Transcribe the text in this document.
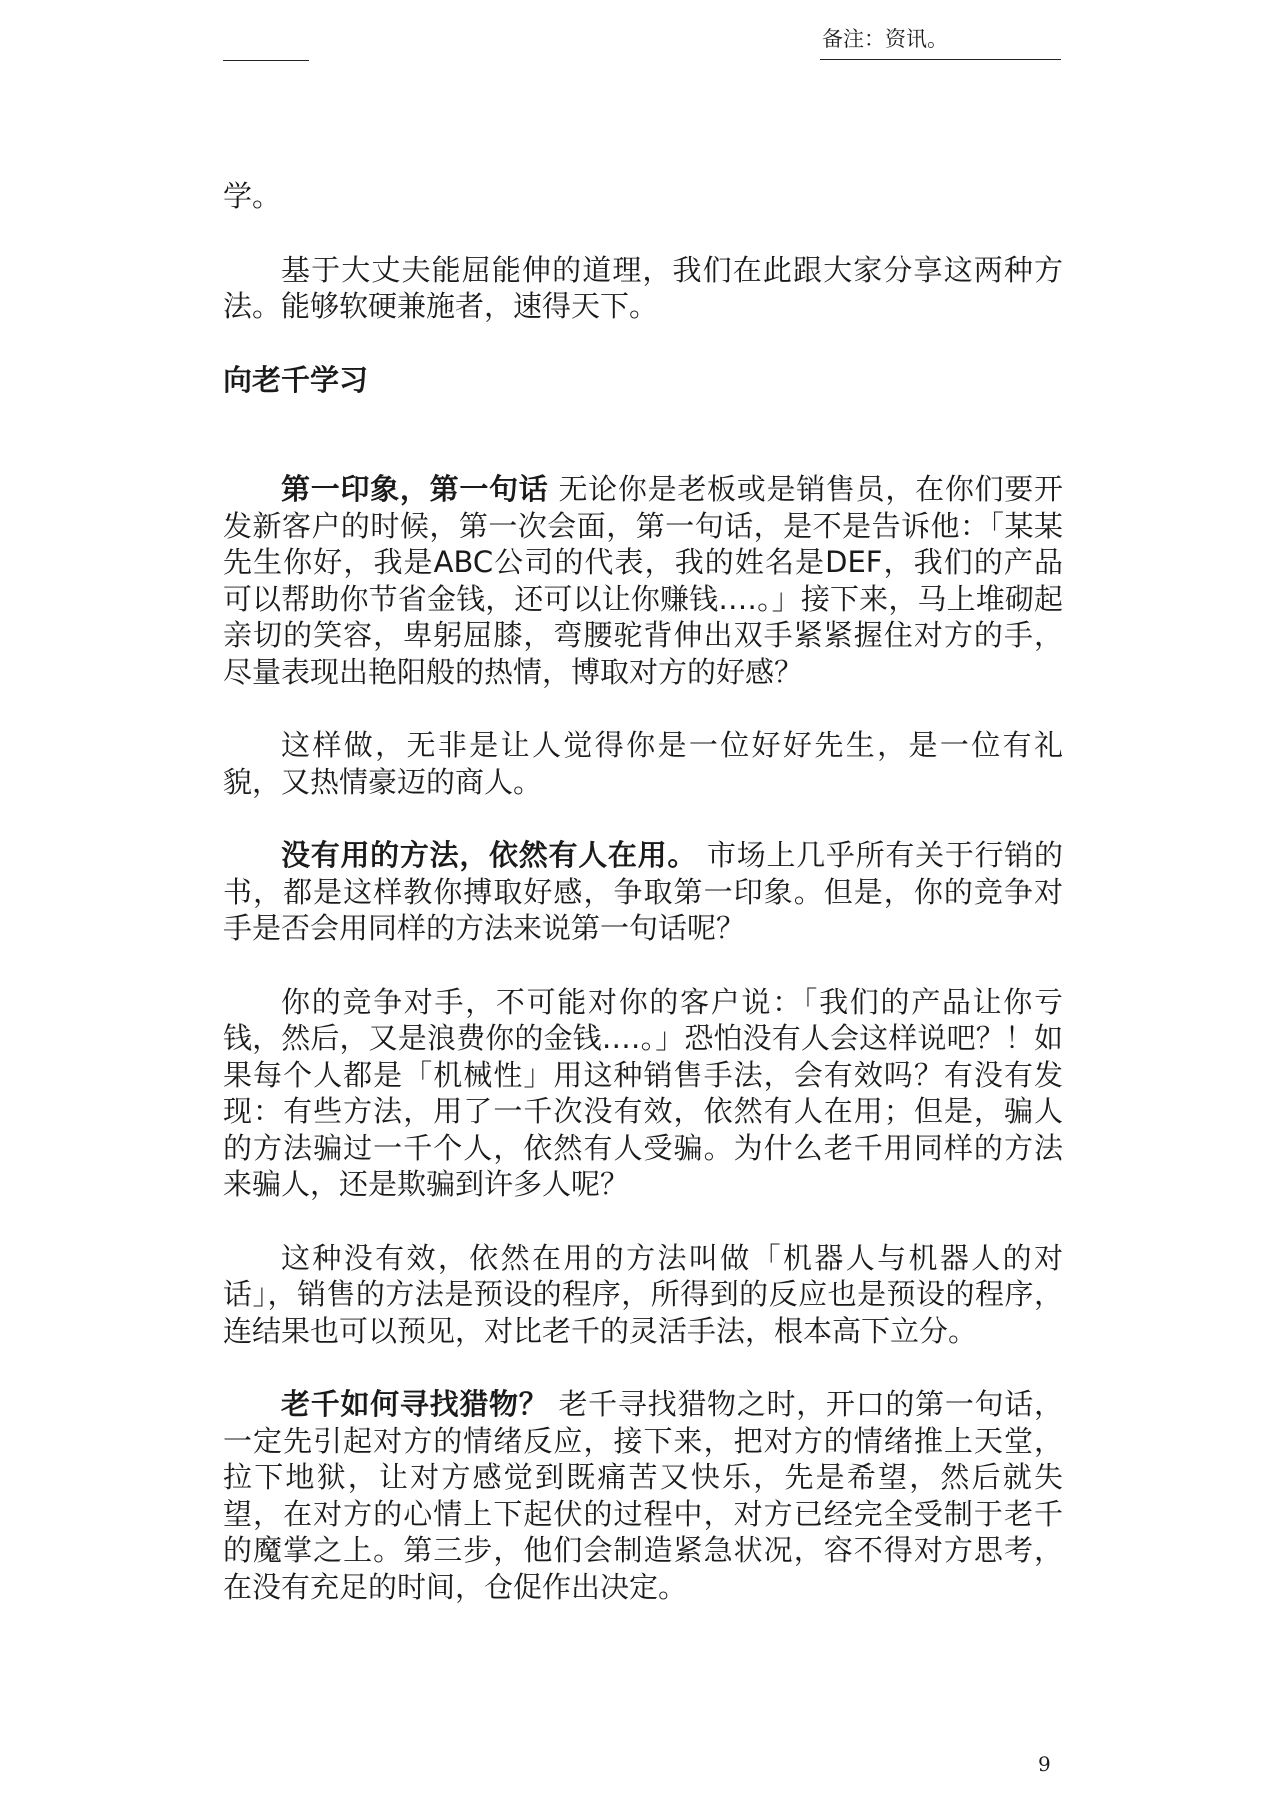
备注：资讯。

学。

基于大丈夫能屈能伸的道理，我们在此跟大家分享这两种方法。能够软硬兼施者，速得天下。

向老千学习

第一印象，第一句话 无论你是老板或是销售员，在你们要开发新客户的时候，第一次会面，第一句话，是不是告诉他：「某某先生你好，我是ABC公司的代表，我的姓名是DEF，我们的产品可以帮助你节省金钱，还可以让你赚钱‥‥。」接下来，马上堆砌起亲切的笑容，卑躬屈膝，弯腰驼背伸出双手紧紧握住对方的手，尽量表现出艳阳般的热情，博取对方的好感？

这样做，无非是让人觉得你是一位好好先生，是一位有礼貌，又热情豪迈的商人。

没有用的方法，依然有人在用。 市场上几乎所有关于行销的书，都是这样教你搏取好感，争取第一印象。但是，你的竞争对手是否会用同样的方法来说第一句话呢？

你的竞争对手，不可能对你的客户说：「我们的产品让你亏钱，然后，又是浪费你的金钱‥‥。」恐怕没有人会这样说吧？！如果每个人都是「机械性」用这种销售手法，会有效吗？有没有发现：有些方法，用了一千次没有效，依然有人在用；但是，骗人的方法骗过一千个人，依然有人受骗。为什么老千用同样的方法来骗人，还是欺骗到许多人呢？

这种没有效，依然在用的方法叫做「机器人与机器人的对话」，销售的方法是预设的程序，所得到的反应也是预设的程序，连结果也可以预见，对比老千的灵活手法，根本高下立分。

老千如何寻找猎物？ 老千寻找猎物之时，开口的第一句话，一定先引起对方的情绪反应，接下来，把对方的情绪推上天堂，拉下地狱，让对方感觉到既痛苦又快乐，先是希望，然后就失望，在对方的心情上下起伏的过程中，对方已经完全受制于老千的魔掌之上。第三步，他们会制造紧急状况，容不得对方思考，在没有充足的时间，仓促作出决定。

9
